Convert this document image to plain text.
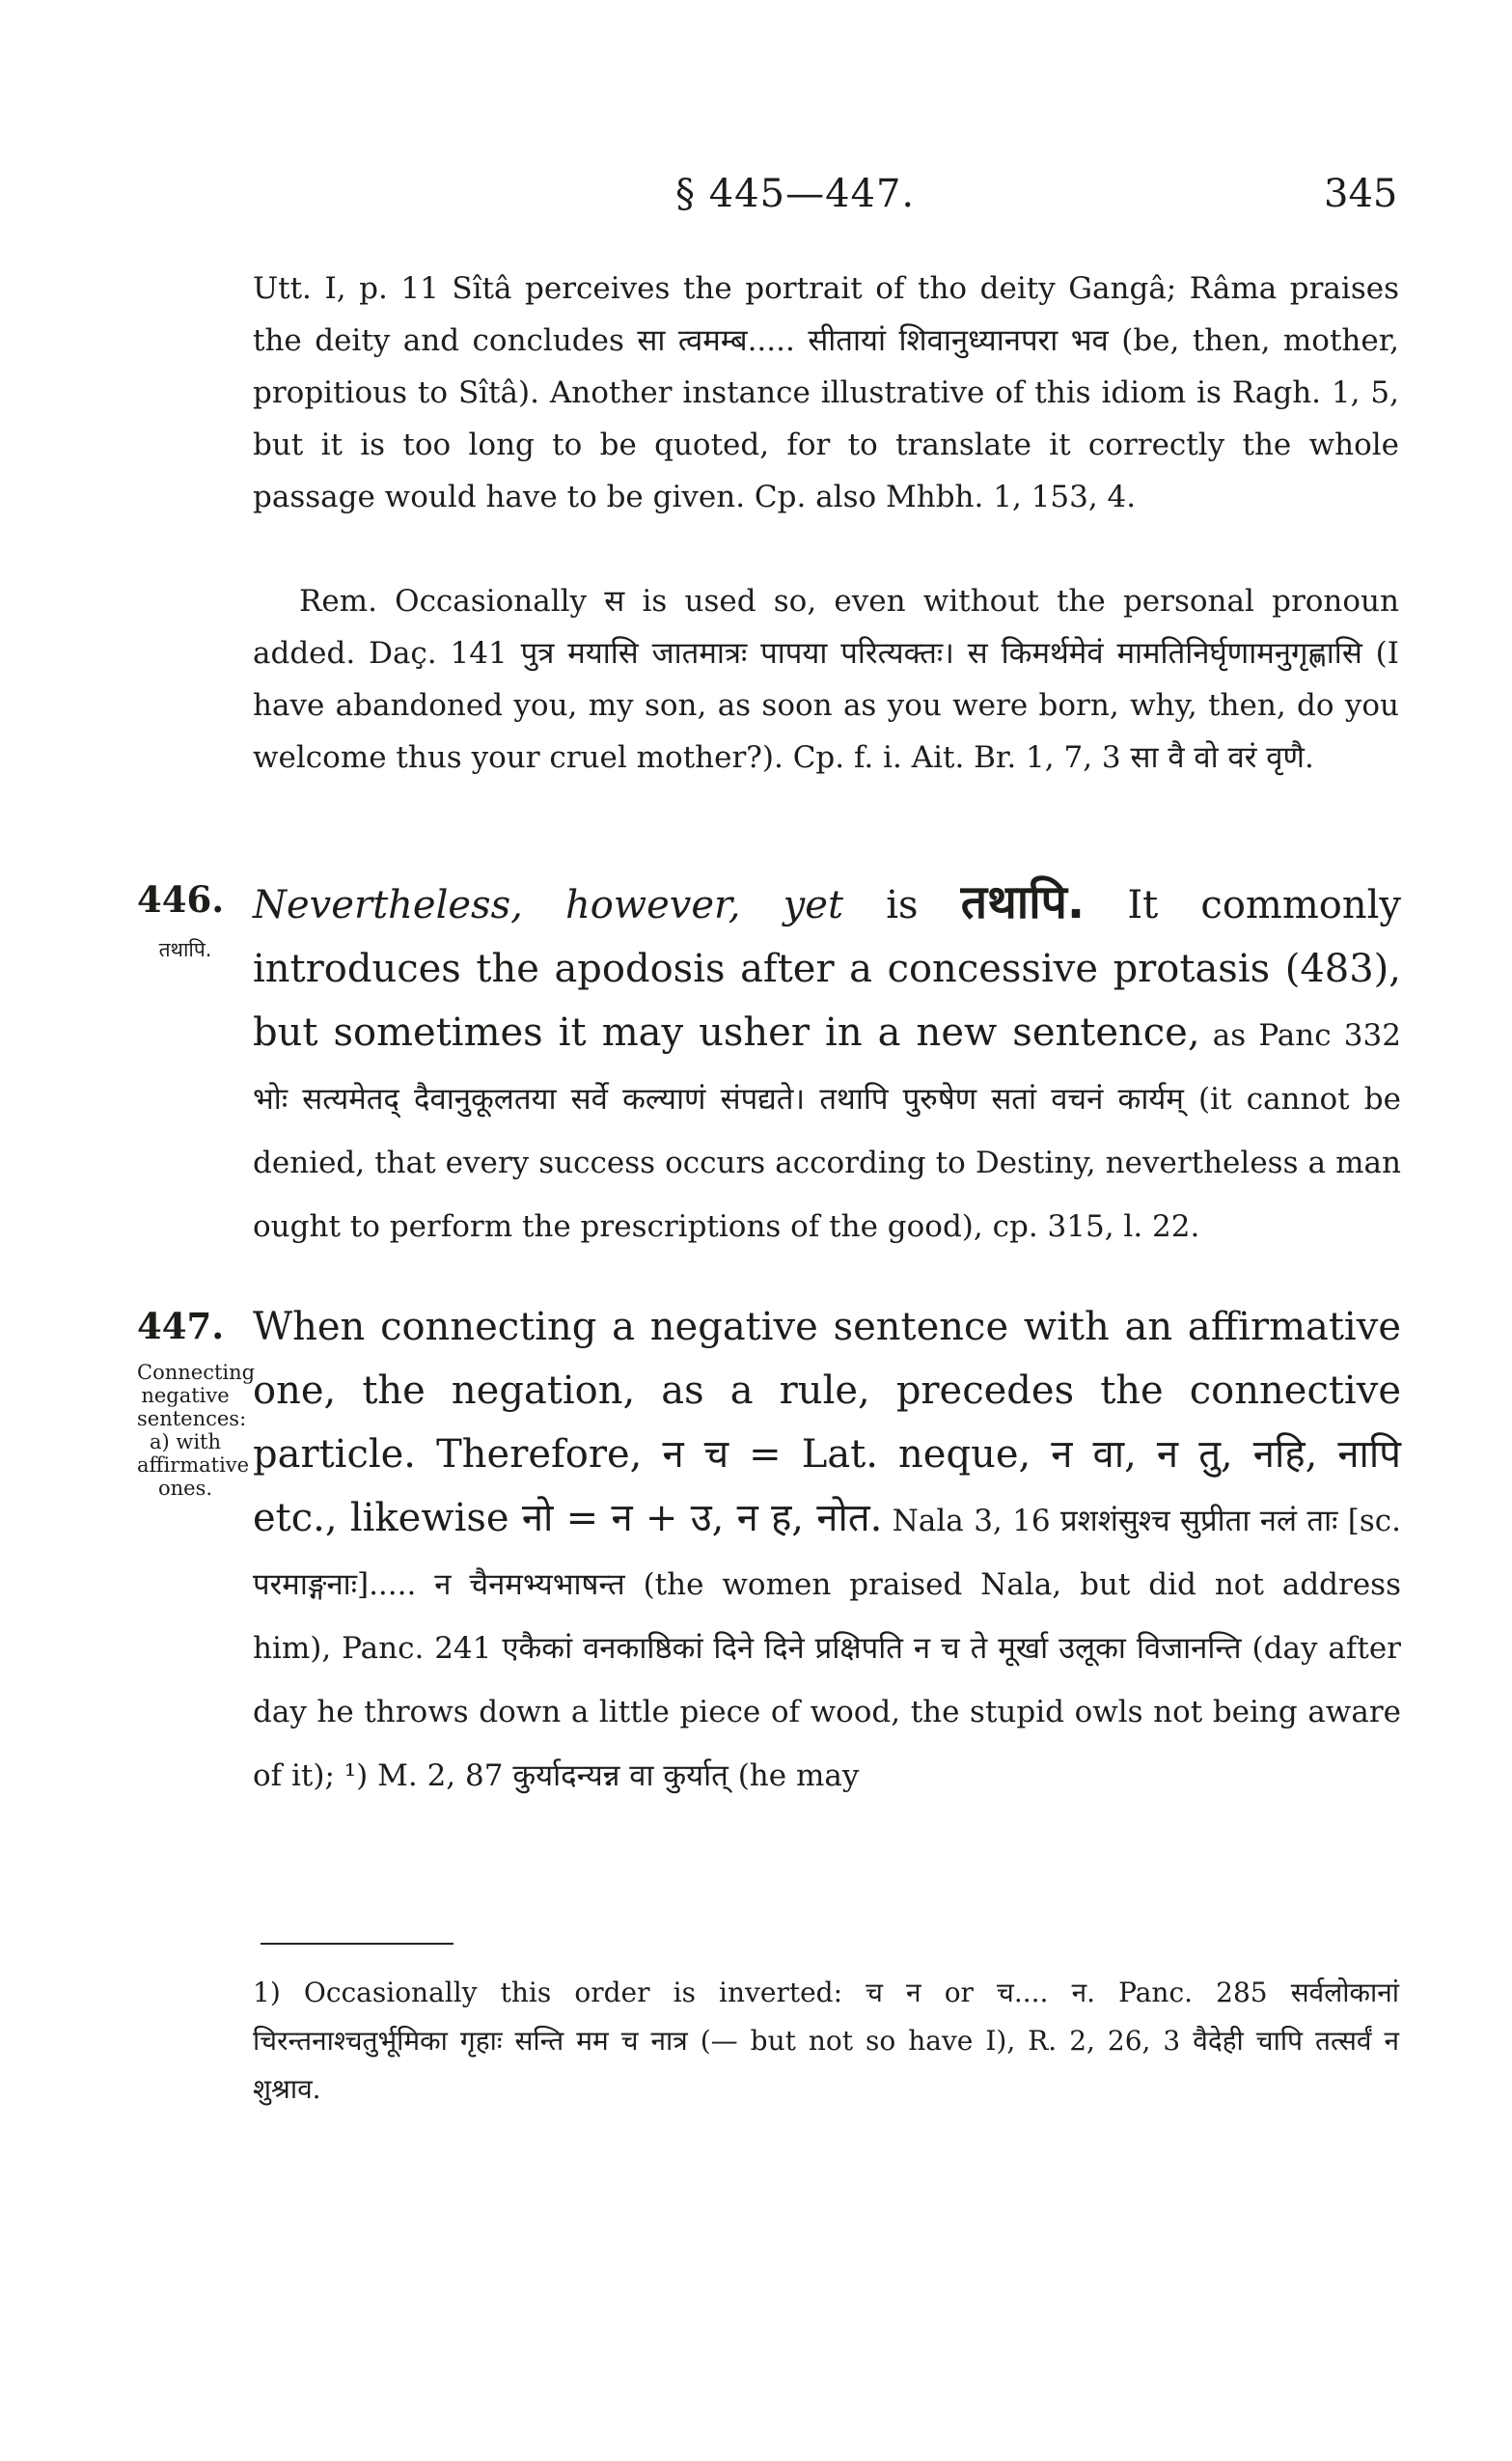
§ 445—447.	345

Utt. I, p. 11 Sîtâ perceives the portrait of tho deity Gangâ; Râma praises the deity and concludes सा त्वमम्ब..... सीतायां शिवानुध्यानपरा भव (be, then, mother, propitious to Sîtâ). Another instance illustrative of this idiom is Ragh. 1, 5, but it is too long to be quoted, for to translate it correctly the whole passage would have to be given. Cp. also Mhbh. 1, 153, 4.

Rem. Occasionally स is used so, even without the personal pronoun added. Daç. 141 पुत्र मयासि जातमात्रः पापया परित्यक्तः। स किमर्थमेवं मामतिनिर्घृणामनुगृह्णासि (I have abandoned you, my son, as soon as you were born, why, then, do you welcome thus your cruel mother?). Cp. f. i. Ait. Br. 1, 7, 3 सा वै वो वरं वृणै.

446.
तथापि.
Nevertheless, however, yet is तथापि. It commonly introduces the apodosis after a concessive protasis (483), but sometimes it may usher in a new sentence, as Panc 332 भोः सत्यमेतद् दैवानुकूलतया सर्वे कल्याणं संपद्यते। तथापि पुरुषेण सतां वचनं कार्यम् (it cannot be denied, that every success occurs according to Destiny, nevertheless a man ought to perform the prescriptions of the good), cp. 315, l. 22.
447.
Connecting negative sentences: a) with affirmative ones.
When connecting a negative sentence with an affirmative one, the negation, as a rule, precedes the connective particle. Therefore, न च = Lat. neque, न वा, न तु, नहि, नापि etc., likewise नो = न + उ, न ह, नोत. Nala 3, 16 प्रशशंसुश्च सुप्रीता नलं ताः [sc. परमाङ्गनाः]..... न चैनमभ्यभाषन्त (the women praised Nala, but did not address him), Panc. 241 एकैकां वनकाष्ठिकां दिने दिने प्रक्षिपति न च ते मूर्खा उलूका विजानन्ति (day after day he throws down a little piece of wood, the stupid owls not being aware of it); ¹) M. 2, 87 कुर्यादन्यन्न वा कुर्यात् (he may

1) Occasionally this order is inverted: च न or च.... न. Panc. 285 सर्वलोकानां चिरन्तनाश्चतुर्भूमिका गृहाः सन्ति मम च नात्र (— but not so have I), R. 2, 26, 3 वैदेही चापि तत्सर्वं न शुश्राव.
